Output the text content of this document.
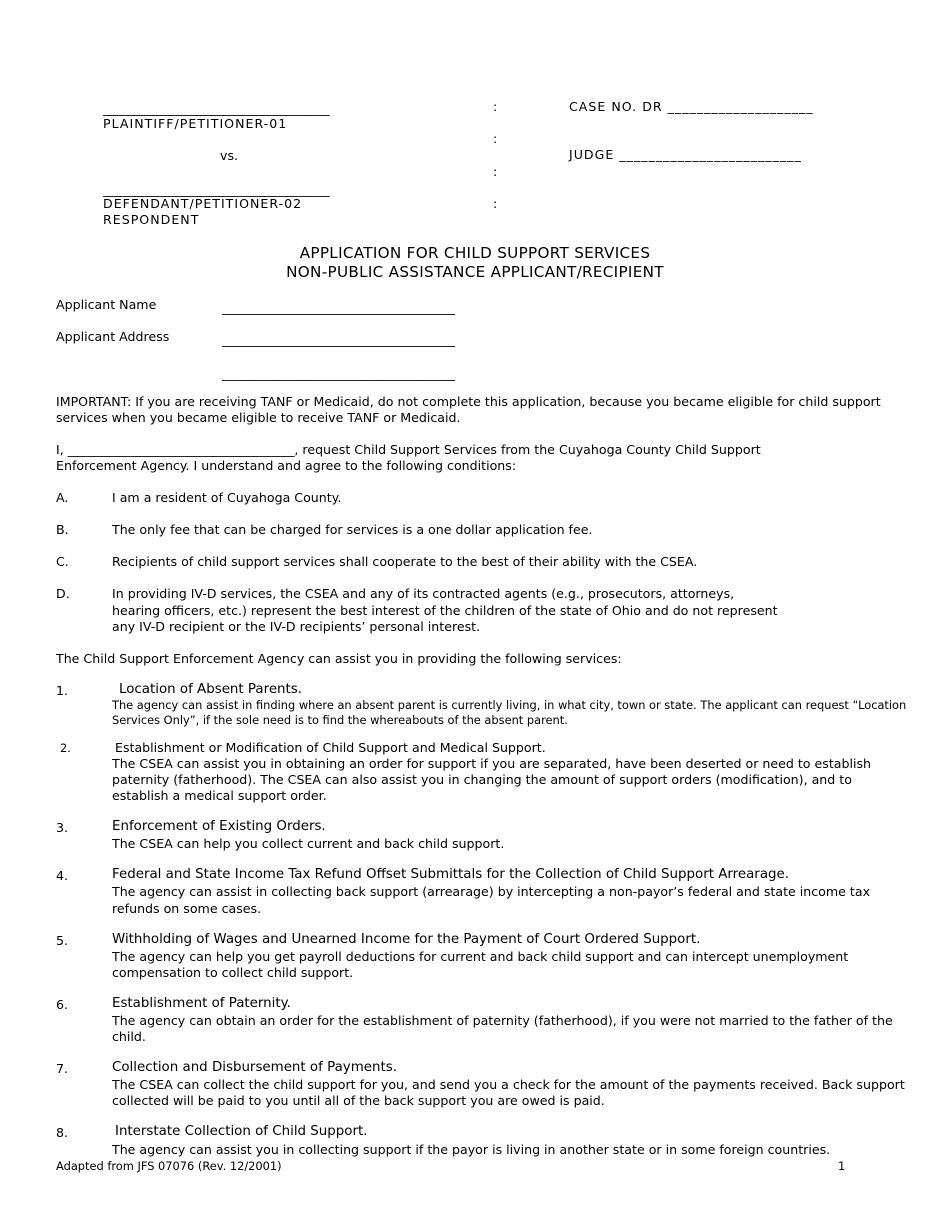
____________________________________
PLAINTIFF/PETITIONER-01
vs.
____________________________________
DEFENDANT/PETITIONER-02
RESPONDENT
:
:
:
:
CASE NO. DR ____________________
JUDGE _________________________
APPLICATION FOR CHILD SUPPORT SERVICES
NON-PUBLIC ASSISTANCE APPLICANT/RECIPIENT
Applicant Name	_____________________________________
Applicant Address	_____________________________________
_____________________________________
IMPORTANT: If you are receiving TANF or Medicaid, do not complete this application, because you became eligible for child support
services when you became eligible to receive TANF or Medicaid.
I, ____________________________________, request Child Support Services from the Cuyahoga County Child Support
Enforcement Agency. I understand and agree to the following conditions:
A.	I am a resident of Cuyahoga County.
B.	The only fee that can be charged for services is a one dollar application fee.
C.	Recipients of child support services shall cooperate to the best of their ability with the CSEA.
D.	In providing IV-D services, the CSEA and any of its contracted agents (e.g., prosecutors, attorneys,
hearing officers, etc.) represent the best interest of the children of the state of Ohio and do not represent
any IV-D recipient or the IV-D recipients’ personal interest.
The Child Support Enforcement Agency can assist you in providing the following services:
1.	Location of Absent Parents.
The agency can assist in finding where an absent parent is currently living, in what city, town or state. The applicant can request “Location
Services Only”, if the sole need is to find the whereabouts of the absent parent.
2.	Establishment or Modification of Child Support and Medical Support.
The CSEA can assist you in obtaining an order for support if you are separated, have been deserted or need to establish
paternity (fatherhood). The CSEA can also assist you in changing the amount of support orders (modification), and to
establish a medical support order.
3.	Enforcement of Existing Orders.
The CSEA can help you collect current and back child support.
4.	Federal and State Income Tax Refund Offset Submittals for the Collection of Child Support Arrearage.
The agency can assist in collecting back support (arrearage) by intercepting a non-payor’s federal and state income tax
refunds on some cases.
5.	Withholding of Wages and Unearned Income for the Payment of Court Ordered Support.
The agency can help you get payroll deductions for current and back child support and can intercept unemployment
compensation to collect child support.
6.	Establishment of Paternity.
The agency can obtain an order for the establishment of paternity (fatherhood), if you were not married to the father of the
child.
7.	Collection and Disbursement of Payments.
The CSEA can collect the child support for you, and send you a check for the amount of the payments received. Back support
collected will be paid to you until all of the back support you are owed is paid.
8.	Interstate Collection of Child Support.
The agency can assist you in collecting support if the payor is living in another state or in some foreign countries.
Adapted from JFS 07076 (Rev. 12/2001)	1
